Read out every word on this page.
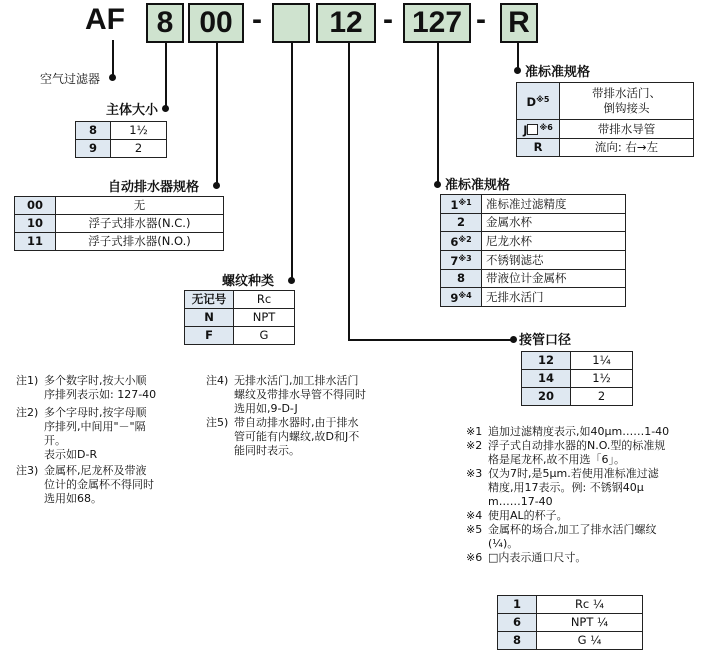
AF	8 00 -	12 - 127 - R
空气过滤器
主体大小
自动排水器规格
螺纹种类
准标准规格
准标准规格
接管口径
8	1½
9	2
00	无
10	浮子式排水器(N.C.)
11	浮子式排水器(N.O.)
无记号	Rc
N	NPT
F	G
$D^{※5}$	带排水活门、
倒钩接头

J $^{※6}$	带排水导管
R	流向: 右→左
1$^{※1}$	准标准过滤精度
2	金属水杯
6$^{※2}$	尼龙水杯
7$^{※3}$	不锈钢滤芯
8	带液位计金属杯
9$^{※4}$	无排水活门
12	1¼
14	1½
20	2
注1) 多个数字时,按大小顺
序排列表示如: 127-40
注2) 多个字母时,按字母顺
序排列,中间用"－"隔
开。
表示如D-R
注3) 金属杯,尼龙杯及带液
位计的金属杯不得同时
选用如68。
注4) 无排水活门,加工排水活门
螺纹及带排水导管不得同时
选用如,9-D-J
注5) 带自动排水器时,由于排水
管可能有内螺纹,故D和J不
能同时表示。
※1 追加过滤精度表示,如40μm……1-40
※2 浮子式自动排水器的N.O.型的标准规
格是尾龙杯,故不用选「6」。
※3 仅为7时,是5μm.若使用准标准过滤
精度,用17表示。例: 不锈钢40μ
m……17-40
※4 使用AL的杯子。
※5 金属杯的场合,加工了排水活门螺纹
(¼)。
※6 □内表示通口尺寸。
1	Rc ¼
6	NPT ¼
8	G ¼
